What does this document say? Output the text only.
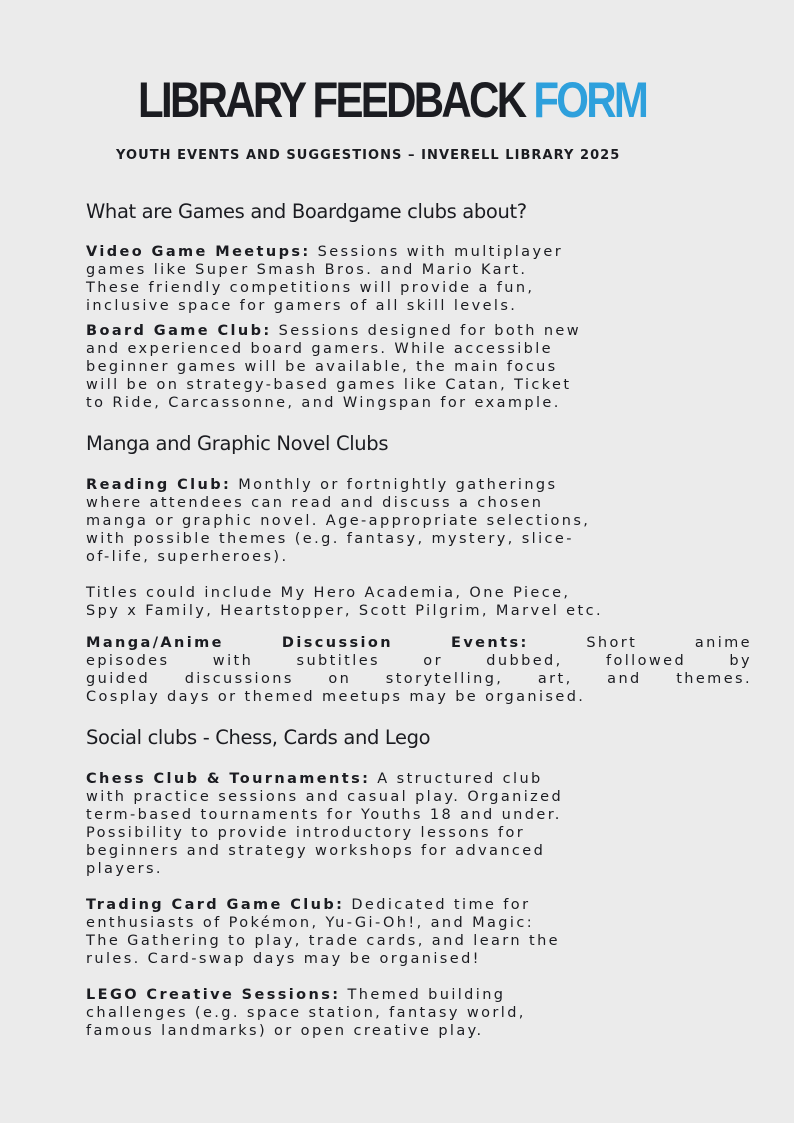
LIBRARY FEEDBACK FORM
YOUTH EVENTS AND SUGGESTIONS – INVERELL LIBRARY 2025
What are Games and Boardgame clubs about?

Video Game Meetups: Sessions with multiplayer
games like Super Smash Bros. and Mario Kart.
These friendly competitions will provide a fun,
inclusive space for gamers of all skill levels.

Board Game Club: Sessions designed for both new
and experienced board gamers. While accessible
beginner games will be available, the main focus
will be on strategy-based games like Catan, Ticket
to Ride, Carcassonne, and Wingspan for example.

Manga and Graphic Novel Clubs

Reading Club: Monthly or fortnightly gatherings
where attendees can read and discuss a chosen
manga or graphic novel. Age-appropriate selections,
with possible themes (e.g. fantasy, mystery, slice-
of-life, superheroes).

Titles could include My Hero Academia, One Piece,
Spy x Family, Heartstopper, Scott Pilgrim, Marvel etc.

Manga/Anime Discussion Events: Short anime
episodes with subtitles or dubbed, followed by
guided discussions on storytelling, art, and themes.
Cosplay days or themed meetups may be organised.

Social clubs - Chess, Cards and Lego

Chess Club & Tournaments: A structured club
with practice sessions and casual play. Organized
term-based tournaments for Youths 18 and under.
Possibility to provide introductory lessons for
beginners and strategy workshops for advanced
players.

Trading Card Game Club: Dedicated time for
enthusiasts of Pokémon, Yu-Gi-Oh!, and Magic:
The Gathering to play, trade cards, and learn the
rules. Card-swap days may be organised!

LEGO Creative Sessions: Themed building
challenges (e.g. space station, fantasy world,
famous landmarks) or open creative play.
